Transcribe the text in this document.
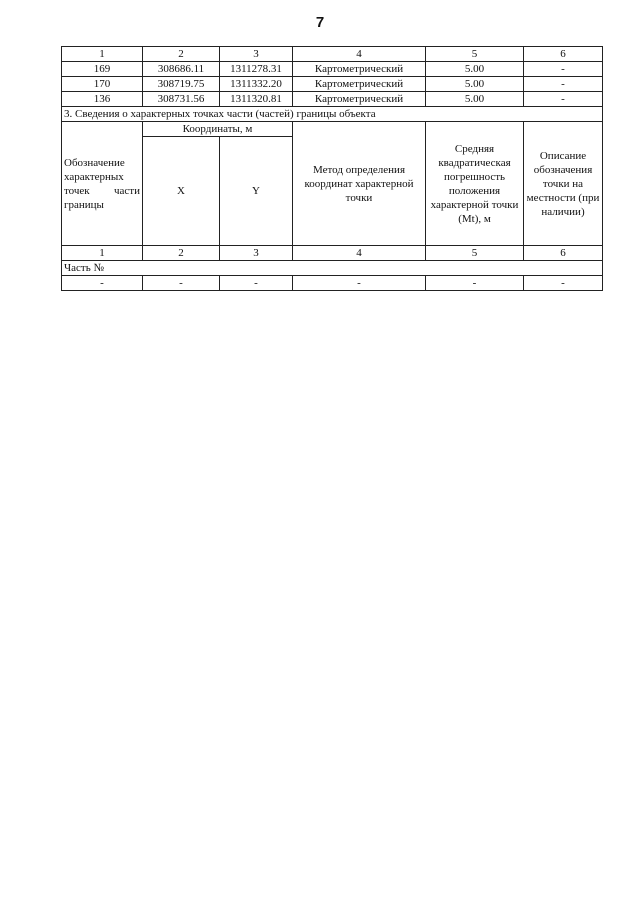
7
1	2	3	4	5	6
169	308686.11	1311278.31	Картометрический	5.00	-
170	308719.75	1311332.20	Картометрический	5.00	-
136	308731.56	1311320.81	Картометрический	5.00	-
3. Сведения о характерных точках части (частей) границы объекта					
Обозначение характерных точек части границы	Координаты, м		Метод определения координат характерной точки	Средняя квадратическая погрешность положения характерной точки (Mt), м	Описание обозначения точки на местности (при наличии)
	X	Y			
1	2	3	4	5	6
Часть №					
-	-	-	-	-	-
